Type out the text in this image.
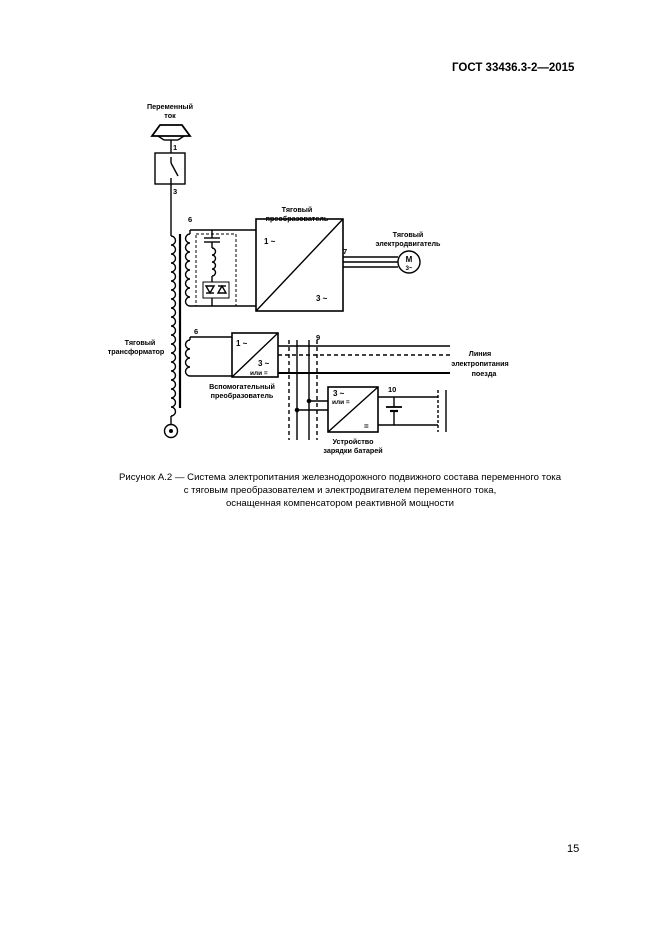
ГОСТ 33436.3-2—2015
Переменный
ток
1
3
6
6
Тяговый
преобразователь
1 ~
3 ~
7
Тяговый
электродвигатель
M
3~
Тяговый
трансформатор
1 ~
3 ~
или =
Вспомогательный
преобразователь
9
Линия
электропитания
поезда
3 ~
или =
=
10
Устройство
зарядки батарей
Рисунок А.2 — Система электропитания железнодорожного подвижного состава переменного тока
с тяговым преобразователем и электродвигателем переменного тока,
оснащенная компенсатором реактивной мощности
15
